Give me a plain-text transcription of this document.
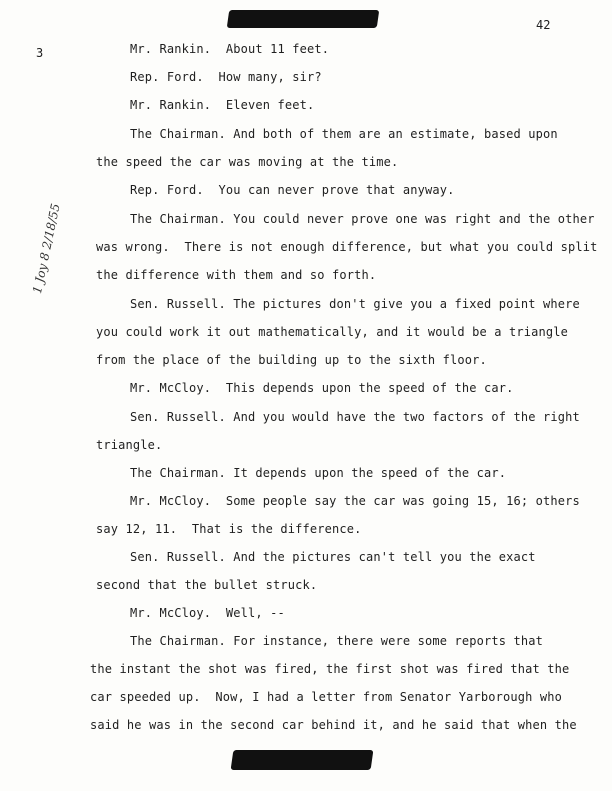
42
3
1 Joy 8 2/18/55
Mr. Rankin.  About 11 feet.
Rep. Ford.  How many, sir?
Mr. Rankin.  Eleven feet.
The Chairman. And both of them are an estimate, based upon
the speed the car was moving at the time.
Rep. Ford.  You can never prove that anyway.
The Chairman. You could never prove one was right and the other
was wrong.  There is not enough difference, but what you could split
the difference with them and so forth.
Sen. Russell. The pictures don't give you a fixed point where
you could work it out mathematically, and it would be a triangle
from the place of the building up to the sixth floor.
Mr. McCloy.  This depends upon the speed of the car.
Sen. Russell. And you would have the two factors of the right
triangle.
The Chairman. It depends upon the speed of the car.
Mr. McCloy.  Some people say the car was going 15, 16; others
say 12, 11.  That is the difference.
Sen. Russell. And the pictures can't tell you the exact
second that the bullet struck.
Mr. McCloy.  Well, --
The Chairman. For instance, there were some reports that
the instant the shot was fired, the first shot was fired that the
car speeded up.  Now, I had a letter from Senator Yarborough who
said he was in the second car behind it, and he said that when the
